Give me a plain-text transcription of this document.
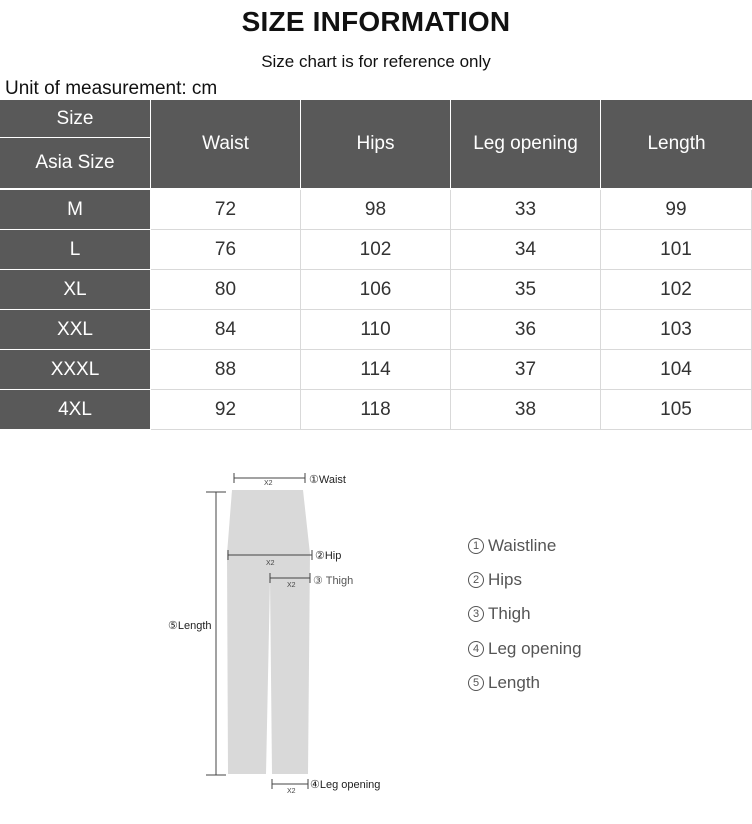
SIZE INFORMATION
Size chart is for reference only
Unit of measurement: cm
Size
Asia Size
Waist	Hips	Leg opening	Length
M	72	98	33	99
L	76	102	34	101
XL	80	106	35	102
XXL	84	110	36	103
XXXL	88	114	37	104
4XL	92	118	38	105
X2	①Waist
X2
②Hip
X2 ③ Thigh
⑤Length
X2
④Leg opening
1 Waistline
2 Hips
3 Thigh
4 Leg opening
5 Length
